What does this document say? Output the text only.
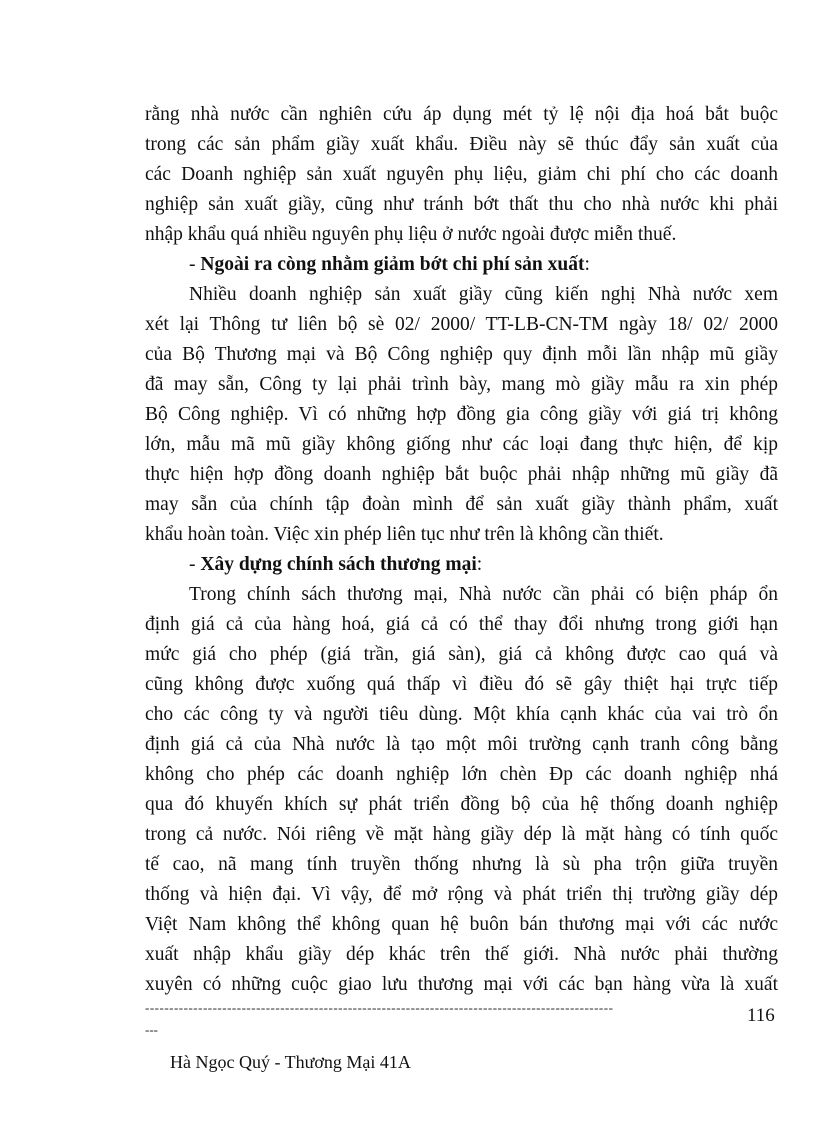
rằng nhà nước cần nghiên cứu áp dụng mét tỷ lệ nội địa hoá bắt buộc
trong các sản phẩm giầy xuất khẩu. Điều này sẽ thúc đẩy sản xuất của
các Doanh nghiệp sản xuất nguyên phụ liệu, giảm chi phí cho các doanh
nghiệp sản xuất giầy, cũng như tránh bớt thất thu cho nhà nước khi phải
nhập khẩu quá nhiều nguyên phụ liệu ở nước ngoài được miễn thuế.
- Ngoài ra còng nhằm giảm bớt chi phí sản xuất:
Nhiều doanh nghiệp sản xuất giầy cũng kiến nghị Nhà nước xem
xét lại Thông tư liên bộ sè 02/ 2000/ TT-LB-CN-TM ngày 18/ 02/ 2000
của Bộ Thương mại và Bộ Công nghiệp quy định mỗi lần nhập mũ giầy
đã may sẵn, Công ty lại phải trình bày, mang mò giầy mẫu ra xin phép
Bộ Công nghiệp. Vì có những hợp đồng gia công giầy với giá trị không
lớn, mẫu mã mũ giầy không giống như các loại đang thực hiện, để kịp
thực hiện hợp đồng doanh nghiệp bắt buộc phải nhập những mũ giầy đã
may sẵn của chính tập đoàn mình để sản xuất giầy thành phẩm, xuất
khẩu hoàn toàn. Việc xin phép liên tục như trên là không cần thiết.
- Xây dựng chính sách thương mại:
Trong chính sách thương mại, Nhà nước cần phải có biện pháp ổn
định giá cả của hàng hoá, giá cả có thể thay đổi nhưng trong giới hạn
mức giá cho phép (giá trần, giá sàn), giá cả không được cao quá và
cũng không được xuống quá thấp vì điều đó sẽ gây thiệt hại trực tiếp
cho các công ty và người tiêu dùng. Một khía cạnh khác của vai trò ổn
định giá cả của Nhà nước là tạo một môi trường cạnh tranh công bằng
không cho phép các doanh nghiệp lớn chèn Đp các doanh nghiệp nhá
qua đó khuyến khích sự phát triển đồng bộ của hệ thống doanh nghiệp
trong cả nước. Nói riêng về mặt hàng giầy dép là mặt hàng có tính quốc
tế cao, nã mang tính truyền thống nhưng là sù pha trộn giữa truyền
thống và hiện đại. Vì vậy, để mở rộng và phát triển thị trường giầy dép
Việt Nam không thể không quan hệ buôn bán thương mại với các nước
xuất nhập khẩu giầy dép khác trên thế giới. Nhà nước phải thường
xuyên có những cuộc giao lưu thương mại với các bạn hàng vừa là xuất
-------------------------------------------------------------------------------------------------
---
116
Hà Ngọc Quý - Thương Mại 41A
